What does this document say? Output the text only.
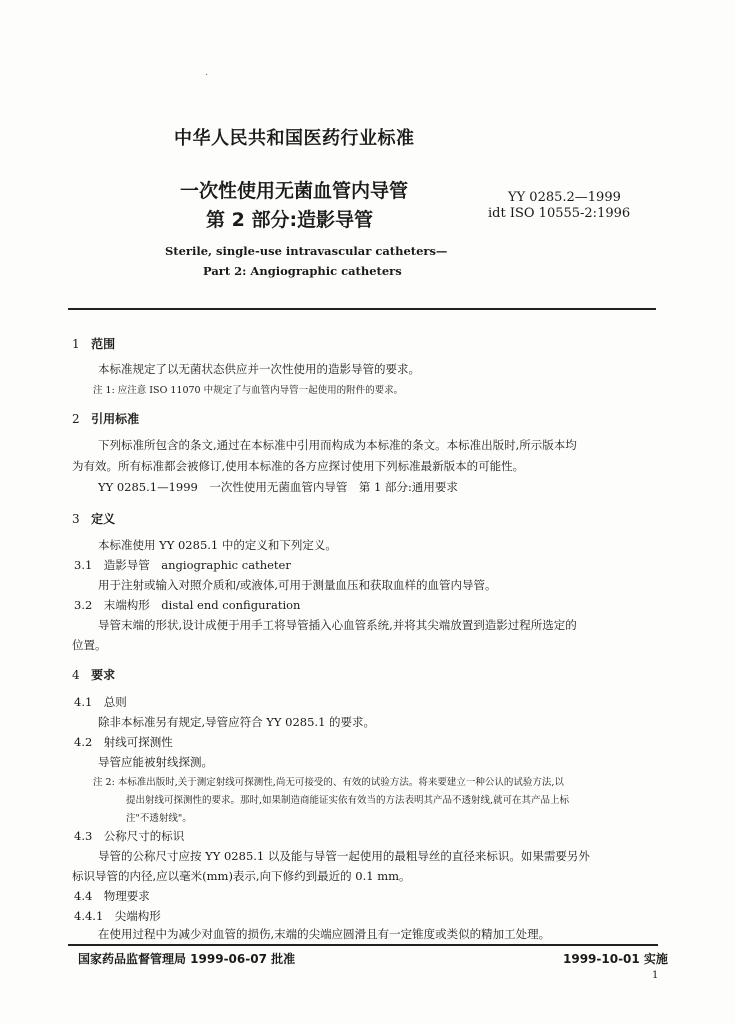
·
中华人民共和国医药行业标准
一次性使用无菌血管内导管
第 2 部分:造影导管
YY 0285.2—1999
idt ISO 10555-2:1996
Sterile, single-use intravascular catheters—
Part 2: Angiographic catheters
1 范围
本标准规定了以无菌状态供应并一次性使用的造影导管的要求。
注 1: 应注意 ISO 11070 中规定了与血管内导管一起使用的附件的要求。
2 引用标准
下列标准所包含的条文,通过在本标准中引用而构成为本标准的条文。本标准出版时,所示版本均
为有效。所有标准都会被修订,使用本标准的各方应探讨使用下列标准最新版本的可能性。
YY 0285.1—1999　一次性使用无菌血管内导管　第 1 部分:通用要求
3 定义
本标准使用 YY 0285.1 中的定义和下列定义。
3.1　造影导管　angiographic catheter
用于注射或输入对照介质和/或液体,可用于测量血压和获取血样的血管内导管。
3.2　末端构形　distal end configuration
导管末端的形状,设计成便于用手工将导管插入心血管系统,并将其尖端放置到造影过程所选定的
位置。
4 要求
4.1　总则
除非本标准另有规定,导管应符合 YY 0285.1 的要求。
4.2　射线可探测性
导管应能被射线探测。
注 2: 本标准出版时,关于测定射线可探测性,尚无可接受的、有效的试验方法。将来要建立一种公认的试验方法,以
提出射线可探测性的要求。那时,如果制造商能证实依有效当的方法表明其产品不透射线,就可在其产品上标
注"不透射线"。
4.3　公称尺寸的标识
导管的公称尺寸应按 YY 0285.1 以及能与导管一起使用的最粗导丝的直径来标识。如果需要另外
标识导管的内径,应以毫米(mm)表示,向下修约到最近的 0.1 mm。
4.4　物理要求
4.4.1　尖端构形
在使用过程中为减少对血管的损伤,末端的尖端应圆滑且有一定锥度或类似的精加工处理。
国家药品监督管理局 1999-06-07 批准	1999-10-01 实施
1
